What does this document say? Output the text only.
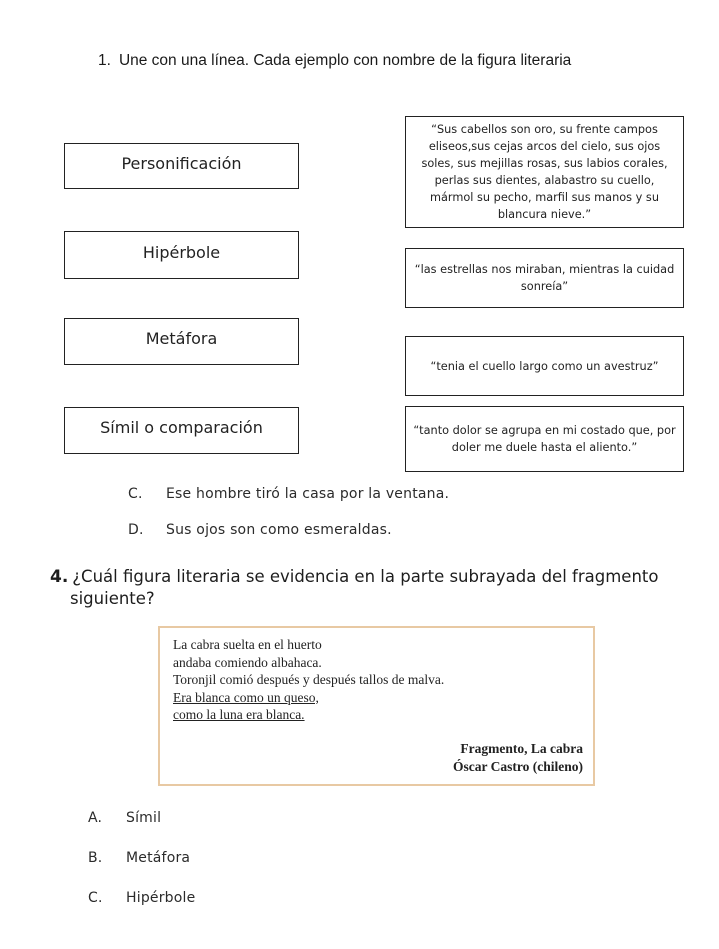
1. Une con una línea. Cada ejemplo con nombre de la figura literaria
Personificación
Hipérbole
Metáfora
Símil o comparación
“Sus cabellos son oro, su frente campos eliseos,sus cejas arcos del cielo, sus ojos soles, sus mejillas rosas, sus labios corales, perlas sus dientes, alabastro su cuello, mármol su pecho, marfil sus manos y su blancura nieve.”
“las estrellas nos miraban, mientras la cuidad sonreía”
“tenia el cuello largo como un avestruz”
“tanto dolor se agrupa en mi costado que, por doler me duele hasta el aliento.”
C. Ese hombre tiró la casa por la ventana.
D. Sus ojos son como esmeraldas.
4. ¿Cuál figura literaria se evidencia en la parte subrayada del fragmento
siguiente?
La cabra suelta en el huerto
andaba comiendo albahaca.
Toronjil comió después y después tallos de malva.
Era blanca como un queso,
como la luna era blanca.
Fragmento, La cabra
Óscar Castro (chileno)
A. Símil
B. Metáfora
C. Hipérbole
